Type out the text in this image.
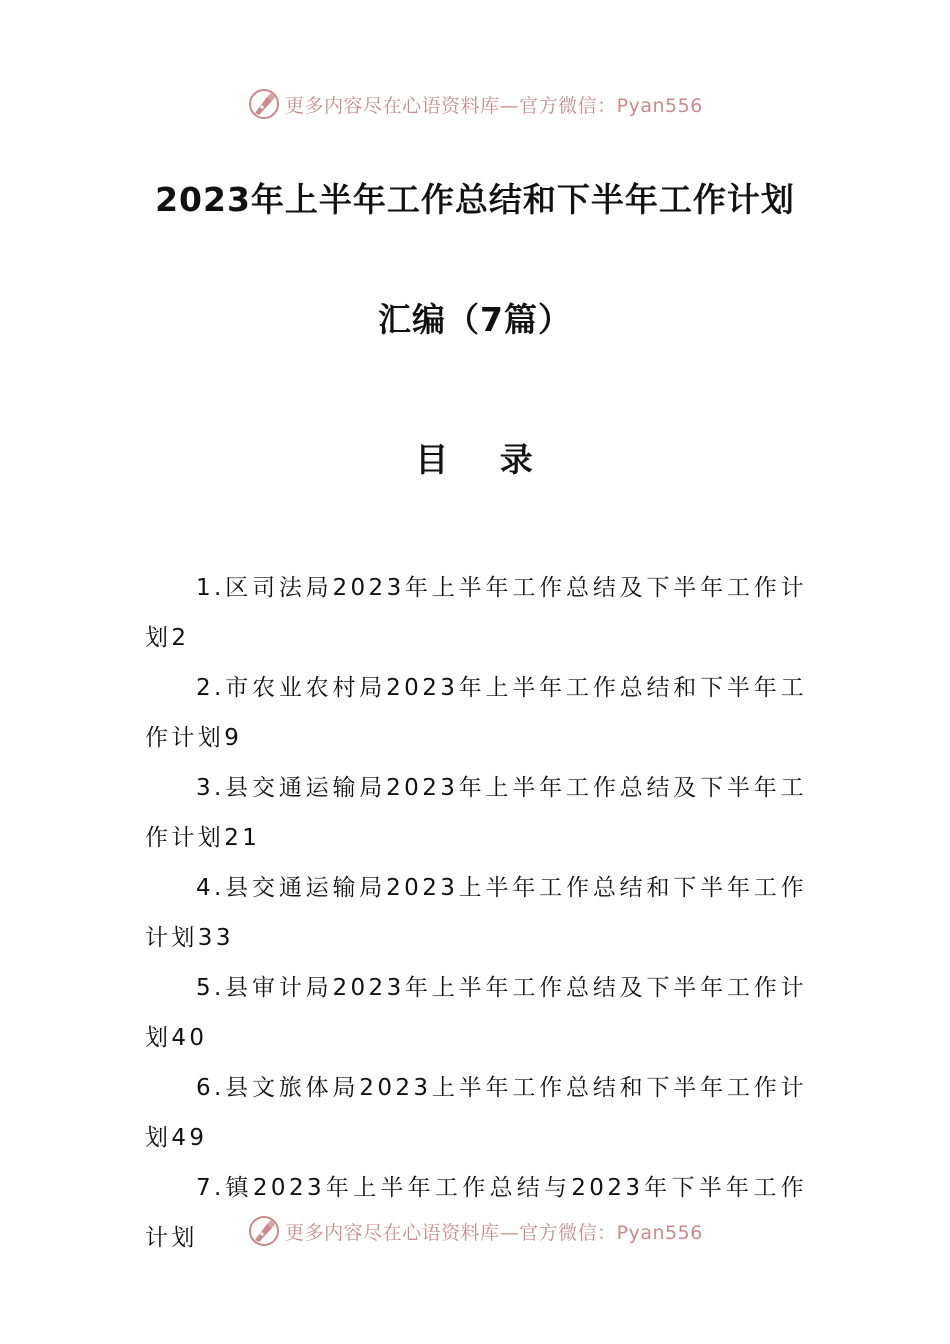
更多内容尽在心语资料库—官方微信：Pyan556
2023年上半年工作总结和下半年工作计划
汇编（7篇）
目 录
1.区司法局2023年上半年工作总结及下半年工作计划2
2.市农业农村局2023年上半年工作总结和下半年工作计划9
3.县交通运输局2023年上半年工作总结及下半年工作计划21
4.县交通运输局2023上半年工作总结和下半年工作计划33
5.县审计局2023年上半年工作总结及下半年工作计划40
6.县文旅体局2023上半年工作总结和下半年工作计划49
7.镇2023年上半年工作总结与2023年下半年工作计划	更多内容尽在心语资料库—官方微信：Pyan556
